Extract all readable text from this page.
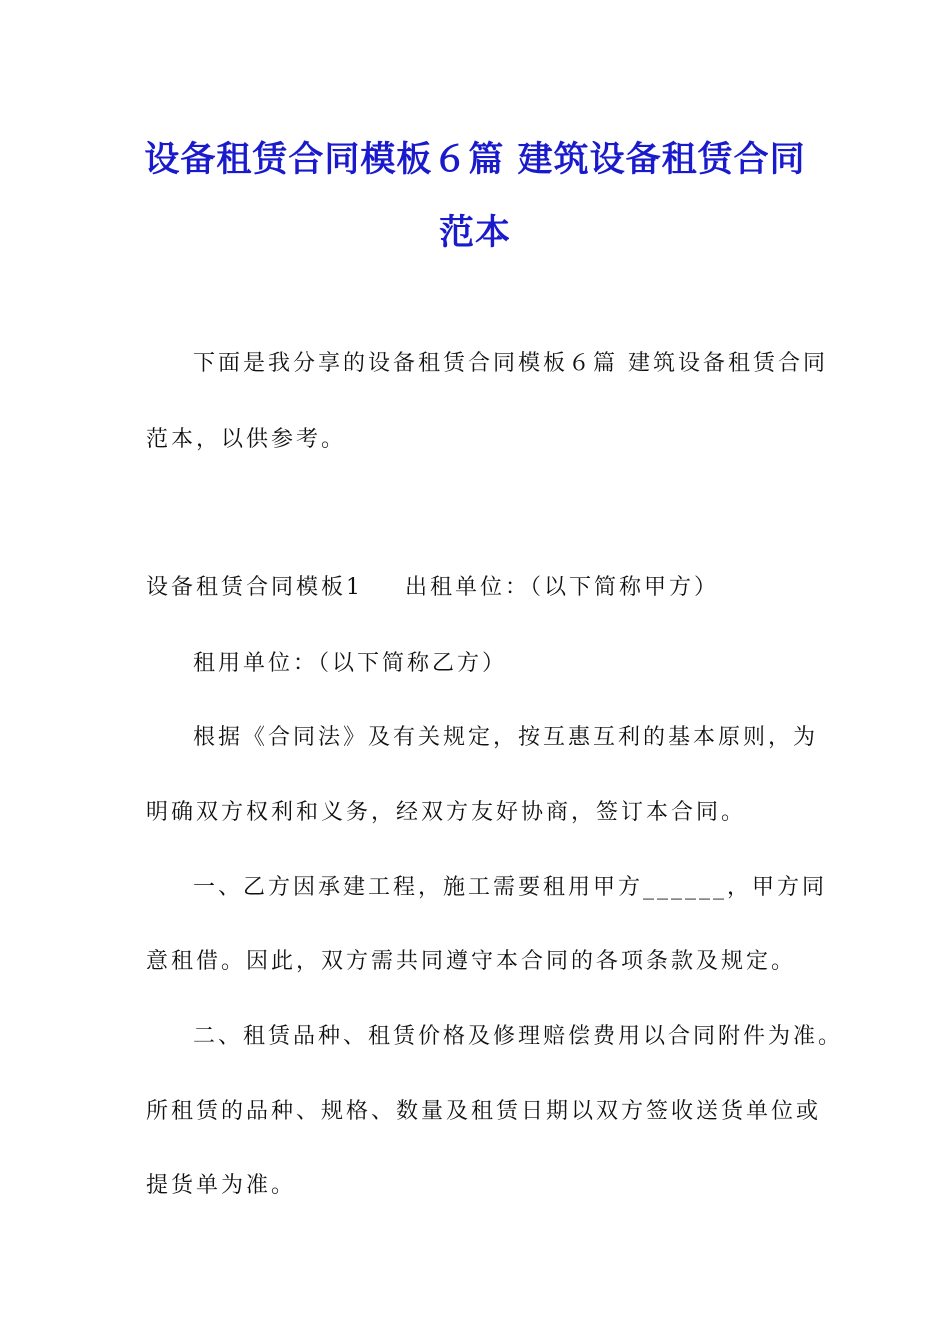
设备租赁合同模板６篇 建筑设备租赁合同
范本
下面是我分享的设备租赁合同模板６篇 建筑设备租赁合同
范本，以供参考。
设备租赁合同模板1 出租单位：（以下简称甲方）
租用单位：（以下简称乙方）
根据《合同法》及有关规定，按互惠互利的基本原则，为
明确双方权利和义务，经双方友好协商，签订本合同。
一、乙方因承建工程，施工需要租用甲方______，甲方同
意租借。因此，双方需共同遵守本合同的各项条款及规定。
二、租赁品种、租赁价格及修理赔偿费用以合同附件为准。
所租赁的品种、规格、数量及租赁日期以双方签收送货单位或
提货单为准。
